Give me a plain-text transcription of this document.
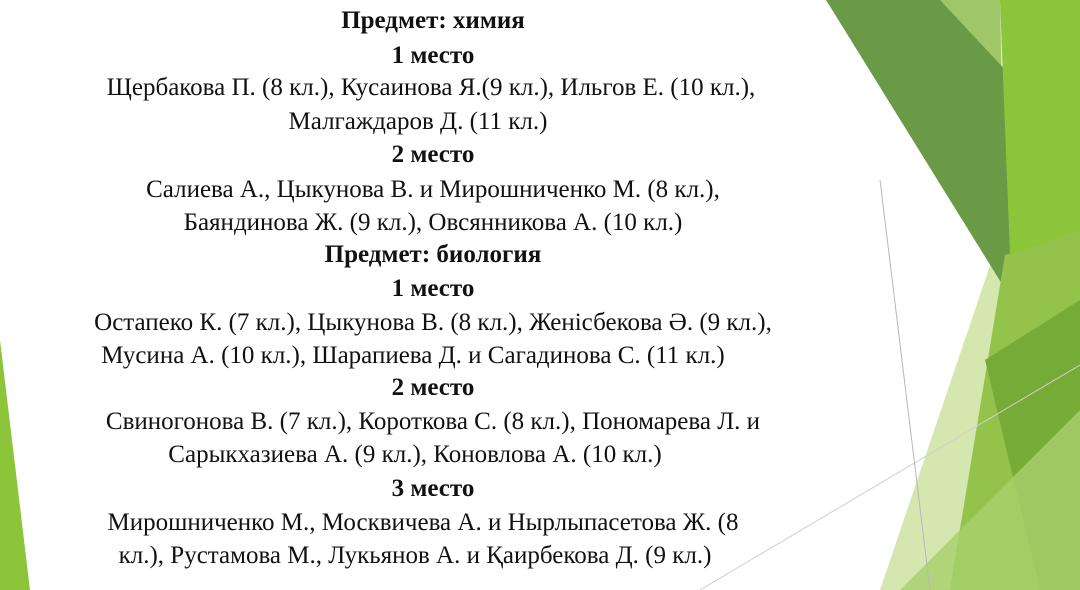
Предмет: химия
1 место
Щербакова П. (8 кл.), Кусаинова Я.(9 кл.), Ильгов Е. (10 кл.),
Малгаждаров Д. (11 кл.)
2 место
Салиева А., Цыкунова В. и Мирошниченко М. (8 кл.),
Баяндинова Ж. (9 кл.), Овсянникова А. (10 кл.)
Предмет: биология
1 место
Остапеко К. (7 кл.), Цыкунова В. (8 кл.), Женiсбекова Ә. (9 кл.),
Мусина А. (10 кл.), Шарапиева Д. и Сагадинова С. (11 кл.)
2 место
Свиногонова В. (7 кл.), Короткова С. (8 кл.), Пономарева Л. и
Сарыкхазиева А. (9 кл.), Коновлова А. (10 кл.)
3 место
Мирошниченко М., Москвичева А. и Нырлыпасетова Ж. (8
кл.), Рустамова М., Лукьянов А. и Қаирбекова Д. (9 кл.)
